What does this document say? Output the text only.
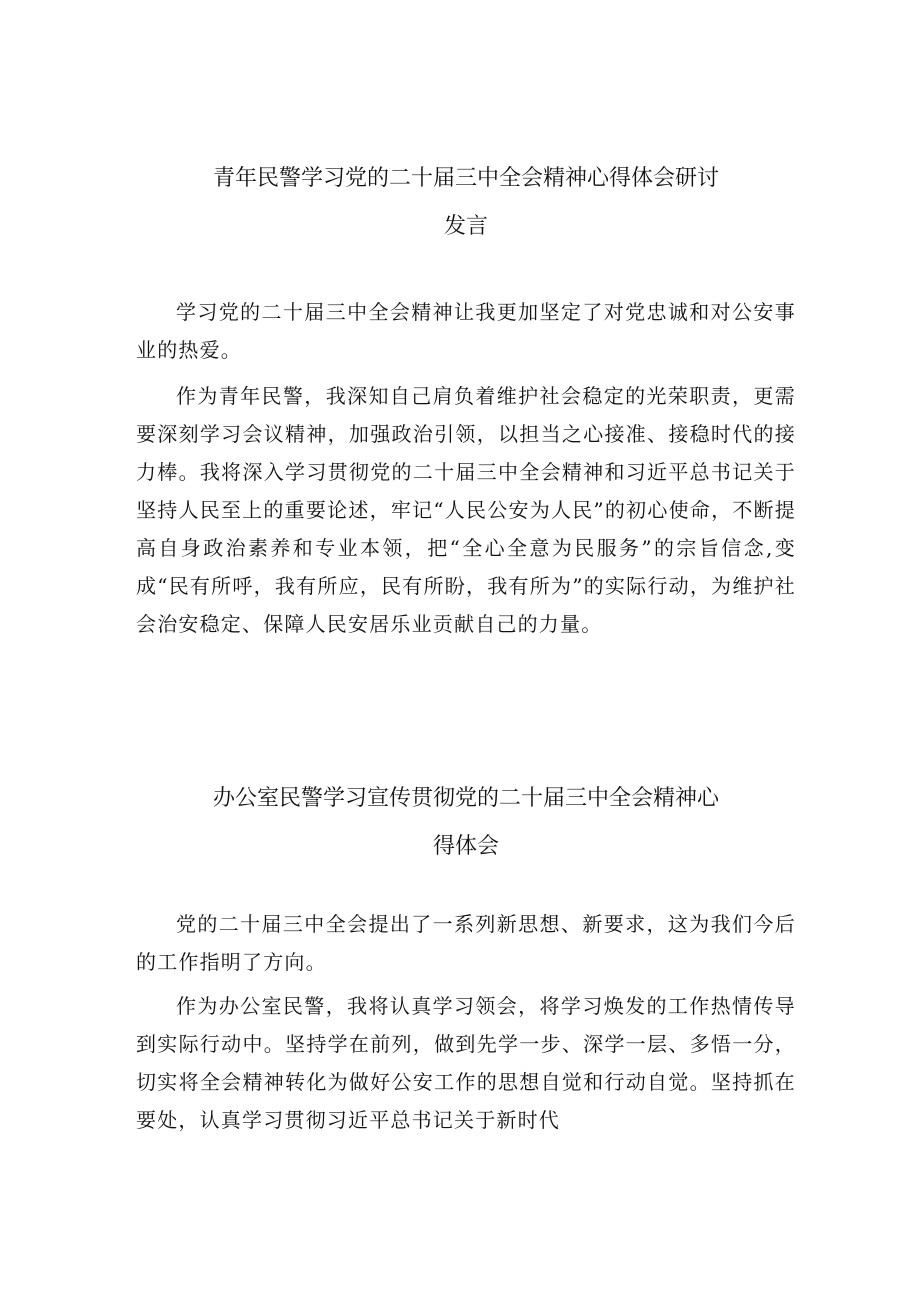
青年民警学习党的二十届三中全会精神心得体会研讨
发言

学习党的二十届三中全会精神让我更加坚定了对党忠诚和对公安事业的热爱。

作为青年民警，我深知自己肩负着维护社会稳定的光荣职责，更需要深刻学习会议精神，加强政治引领，以担当之心接准、接稳时代的接力棒。我将深入学习贯彻党的二十届三中全会精神和习近平总书记关于坚持人民至上的重要论述，牢记“人民公安为人民”的初心使命，不断提高自身政治素养和专业本领，把“全心全意为民服务”的宗旨信念,变成“民有所呼，我有所应，民有所盼，我有所为”的实际行动，为维护社会治安稳定、保障人民安居乐业贡献自己的力量。

办公室民警学习宣传贯彻党的二十届三中全会精神心
得体会

党的二十届三中全会提出了一系列新思想、新要求，这为我们今后的工作指明了方向。

作为办公室民警，我将认真学习领会，将学习焕发的工作热情传导到实际行动中。坚持学在前列，做到先学一步、深学一层、多悟一分，切实将全会精神转化为做好公安工作的思想自觉和行动自觉。坚持抓在要处，认真学习贯彻习近平总书记关于新时代
